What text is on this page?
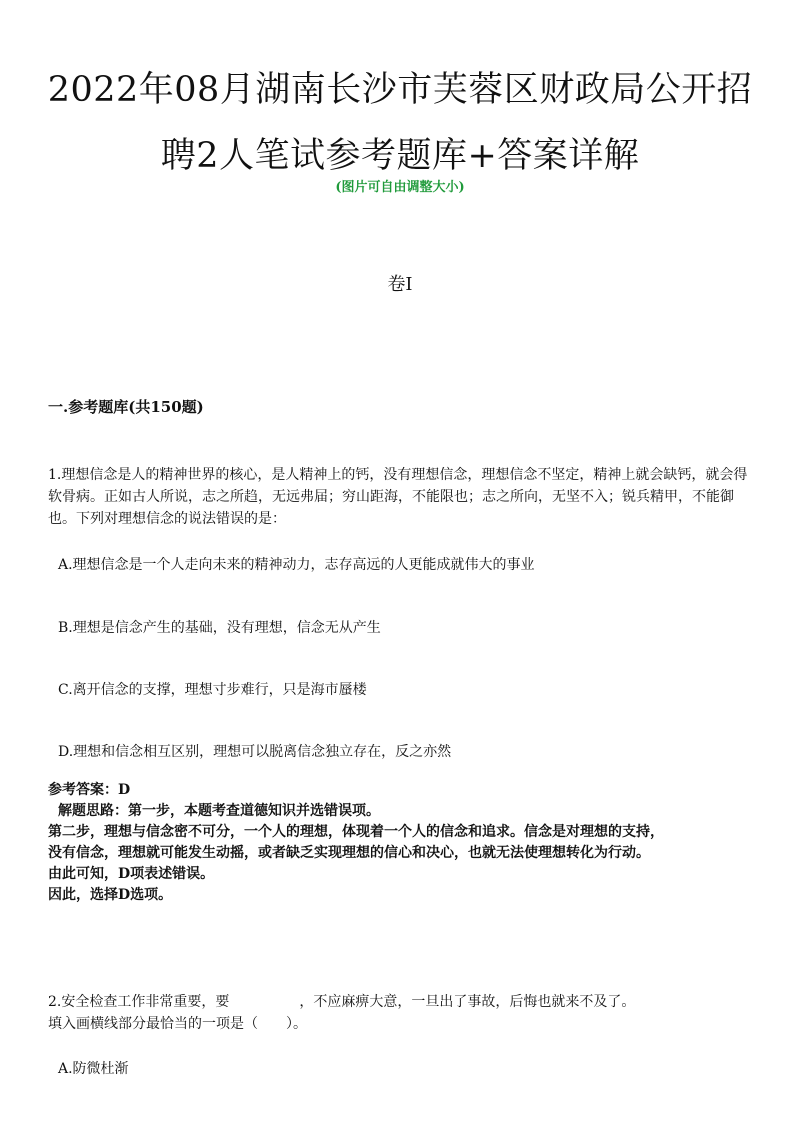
2022年08月湖南长沙市芙蓉区财政局公开招
聘2人笔试参考题库+答案详解
(图片可自由调整大小)
卷I
一.参考题库(共150题)
1.理想信念是人的精神世界的核心，是人精神上的钙，没有理想信念，理想信念不坚定，精神上就会缺钙，就会得软骨病。正如古人所说，志之所趋，无远弗届；穷山距海，不能限也；志之所向，无坚不入；锐兵精甲，不能御也。下列对理想信念的说法错误的是：
A.理想信念是一个人走向未来的精神动力，志存高远的人更能成就伟大的事业
B.理想是信念产生的基础，没有理想，信念无从产生
C.离开信念的支撑，理想寸步难行，只是海市蜃楼
D.理想和信念相互区别，理想可以脱离信念独立存在，反之亦然
参考答案：D
解题思路：第一步，本题考查道德知识并选错误项。
第二步，理想与信念密不可分，一个人的理想，体现着一个人的信念和追求。信念是对理想的支持，
没有信念，理想就可能发生动摇，或者缺乏实现理想的信心和决心，也就无法使理想转化为行动。
由此可知，D项表述错误。
因此，选择D选项。
2.安全检查工作非常重要，要　　　　　，不应麻痹大意，一旦出了事故，后悔也就来不及了。
填入画横线部分最恰当的一项是（　　）。
A.防微杜渐
